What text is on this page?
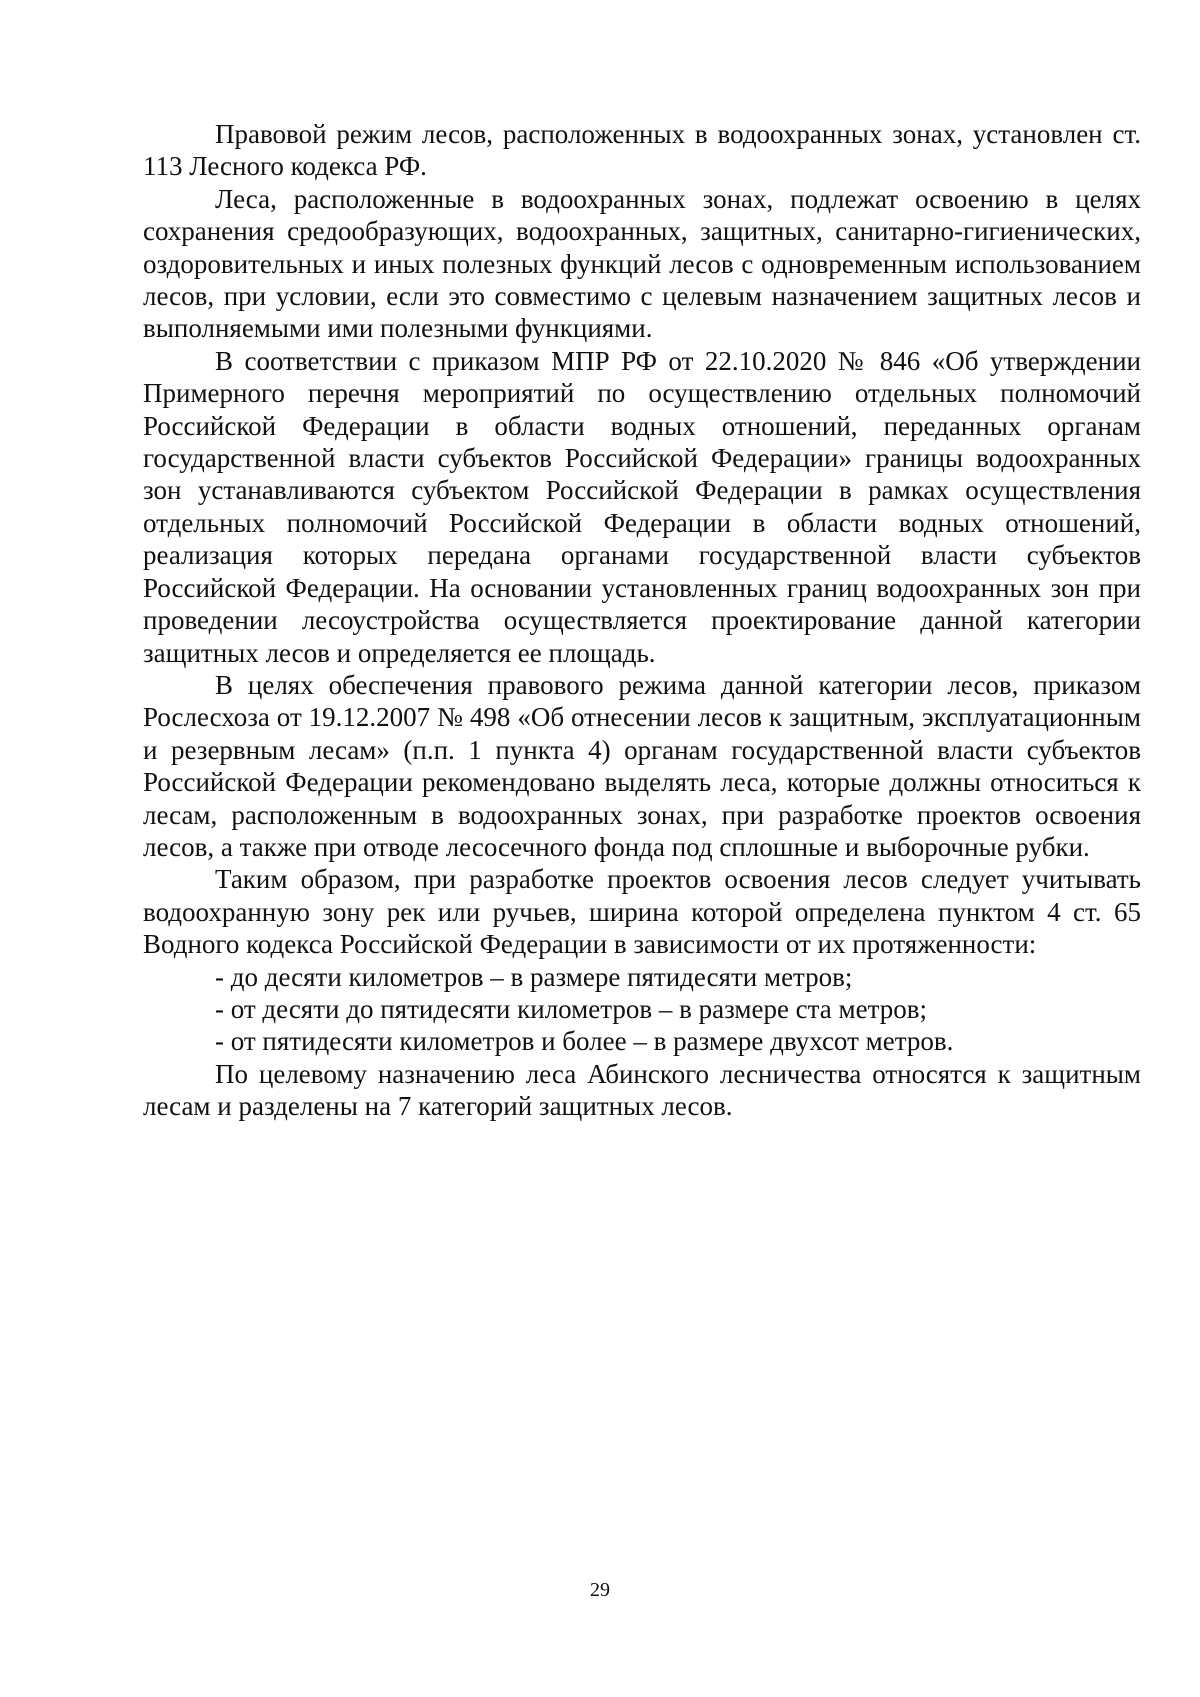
Правовой режим лесов, расположенных в водоохранных зонах, установлен ст. 113 Лесного кодекса РФ.

Леса, расположенные в водоохранных зонах, подлежат освоению в целях сохранения средообразующих, водоохранных, защитных, санитарно-гигиенических, оздоровительных и иных полезных функций лесов с одновременным использованием лесов, при условии, если это совместимо с целевым назначением защитных лесов и выполняемыми ими полезными функциями.

В соответствии с приказом МПР РФ от 22.10.2020 № 846 «Об утверждении Примерного перечня мероприятий по осуществлению отдельных полномочий Российской Федерации в области водных отношений, переданных органам государственной власти субъектов Российской Федерации» границы водоохранных зон устанавливаются субъектом Российской Федерации в рамках осуществления отдельных полномочий Российской Федерации в области водных отношений, реализация которых передана органами государственной власти субъектов Российской Федерации. На основании установленных границ водоохранных зон при проведении лесоустройства осуществляется проектирование данной категории защитных лесов и определяется ее площадь.

В целях обеспечения правового режима данной категории лесов, приказом Рослесхоза от 19.12.2007 № 498 «Об отнесении лесов к защитным, эксплуатационным и резервным лесам» (п.п. 1 пункта 4) органам государственной власти субъектов Российской Федерации рекомендовано выделять леса, которые должны относиться к лесам, расположенным в водоохранных зонах, при разработке проектов освоения лесов, а также при отводе лесосечного фонда под сплошные и выборочные рубки.

Таким образом, при разработке проектов освоения лесов следует учитывать водоохранную зону рек или ручьев, ширина которой определена пунктом 4 ст. 65 Водного кодекса Российской Федерации в зависимости от их протяженности:

- до десяти километров – в размере пятидесяти метров;

- от десяти до пятидесяти километров – в размере ста метров;

- от пятидесяти километров и более – в размере двухсот метров.

По целевому назначению леса Абинского лесничества относятся к защитным лесам и разделены на 7 категорий защитных лесов.

29
